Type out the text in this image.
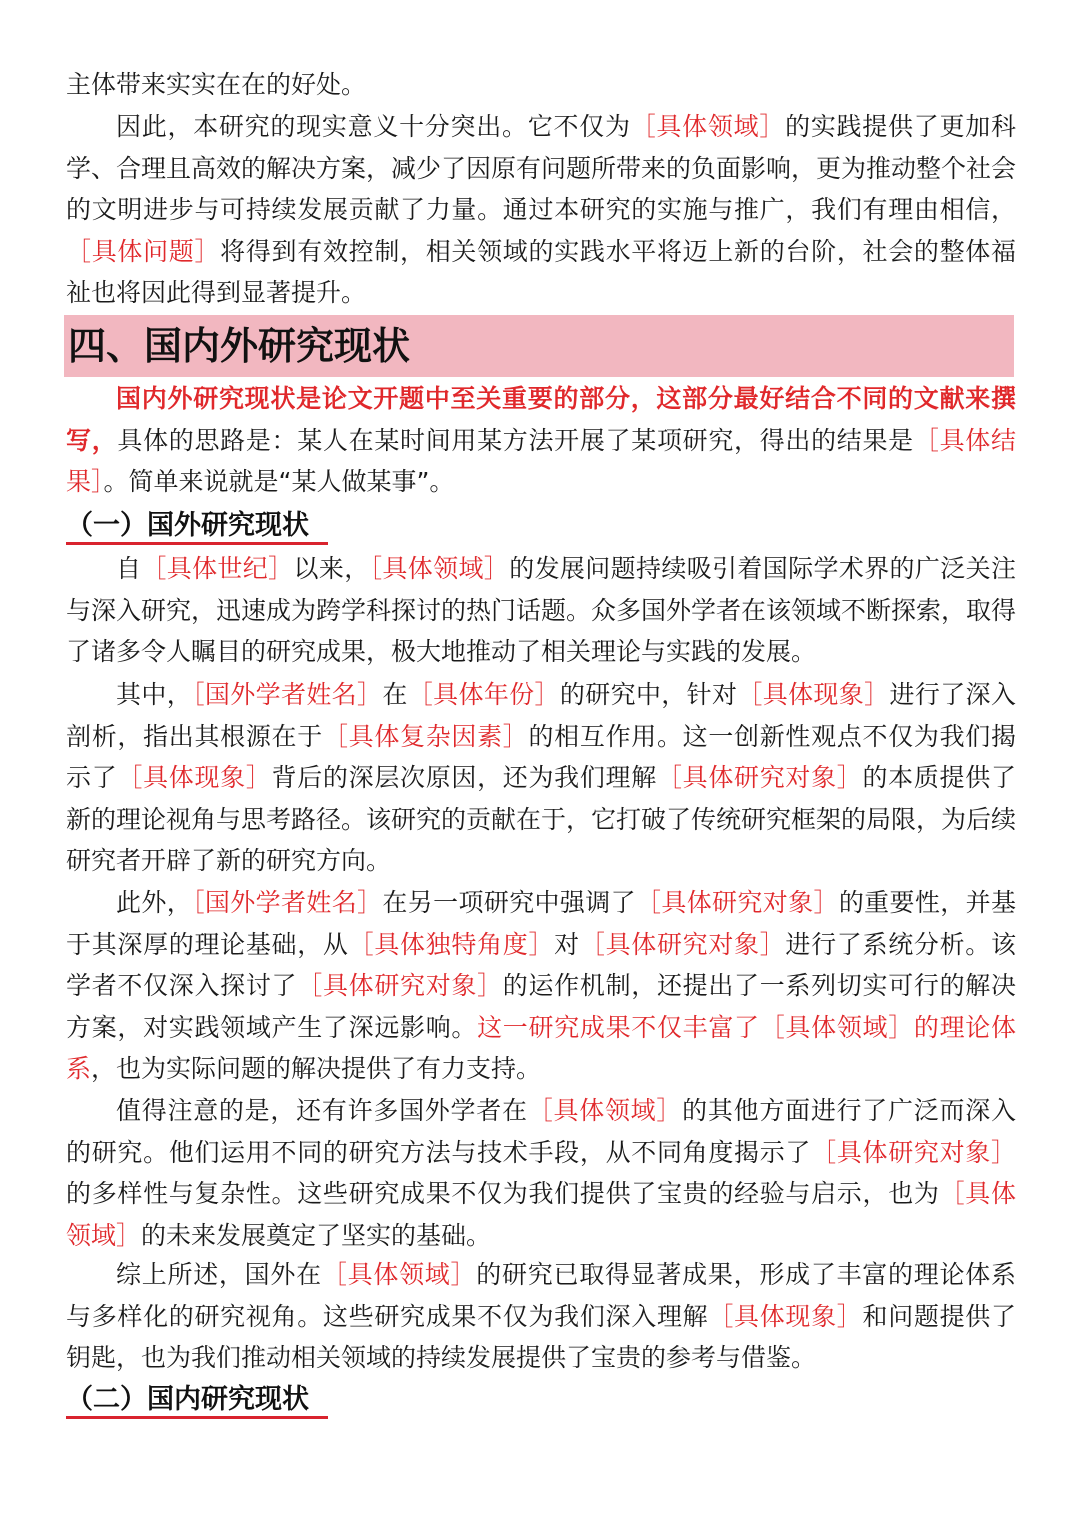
主体带来实实在在的好处。

因此，本研究的现实意义十分突出。它不仅为［具体领域］的实践提供了更加科学、合理且高效的解决方案，减少了因原有问题所带来的负面影响，更为推动整个社会的文明进步与可持续发展贡献了力量。通过本研究的实施与推广，我们有理由相信，［具体问题］将得到有效控制，相关领域的实践水平将迈上新的台阶，社会的整体福祉也将因此得到显著提升。

四、国内外研究现状

国内外研究现状是论文开题中至关重要的部分，这部分最好结合不同的文献来撰写，具体的思路是：某人在某时间用某方法开展了某项研究，得出的结果是［具体结果］。简单来说就是“某人做某事”。

（一）国外研究现状

自［具体世纪］以来，［具体领域］的发展问题持续吸引着国际学术界的广泛关注与深入研究，迅速成为跨学科探讨的热门话题。众多国外学者在该领域不断探索，取得了诸多令人瞩目的研究成果，极大地推动了相关理论与实践的发展。

其中，［国外学者姓名］在［具体年份］的研究中，针对［具体现象］进行了深入剖析，指出其根源在于［具体复杂因素］的相互作用。这一创新性观点不仅为我们揭示了［具体现象］背后的深层次原因，还为我们理解［具体研究对象］的本质提供了新的理论视角与思考路径。该研究的贡献在于，它打破了传统研究框架的局限，为后续研究者开辟了新的研究方向。

此外，［国外学者姓名］在另一项研究中强调了［具体研究对象］的重要性，并基于其深厚的理论基础，从［具体独特角度］对［具体研究对象］进行了系统分析。该学者不仅深入探讨了［具体研究对象］的运作机制，还提出了一系列切实可行的解决方案，对实践领域产生了深远影响。这一研究成果不仅丰富了［具体领域］的理论体系，也为实际问题的解决提供了有力支持。

值得注意的是，还有许多国外学者在［具体领域］的其他方面进行了广泛而深入的研究。他们运用不同的研究方法与技术手段，从不同角度揭示了［具体研究对象］的多样性与复杂性。这些研究成果不仅为我们提供了宝贵的经验与启示，也为［具体领域］的未来发展奠定了坚实的基础。

综上所述，国外在［具体领域］的研究已取得显著成果，形成了丰富的理论体系与多样化的研究视角。这些研究成果不仅为我们深入理解［具体现象］和问题提供了钥匙，也为我们推动相关领域的持续发展提供了宝贵的参考与借鉴。

（二）国内研究现状
